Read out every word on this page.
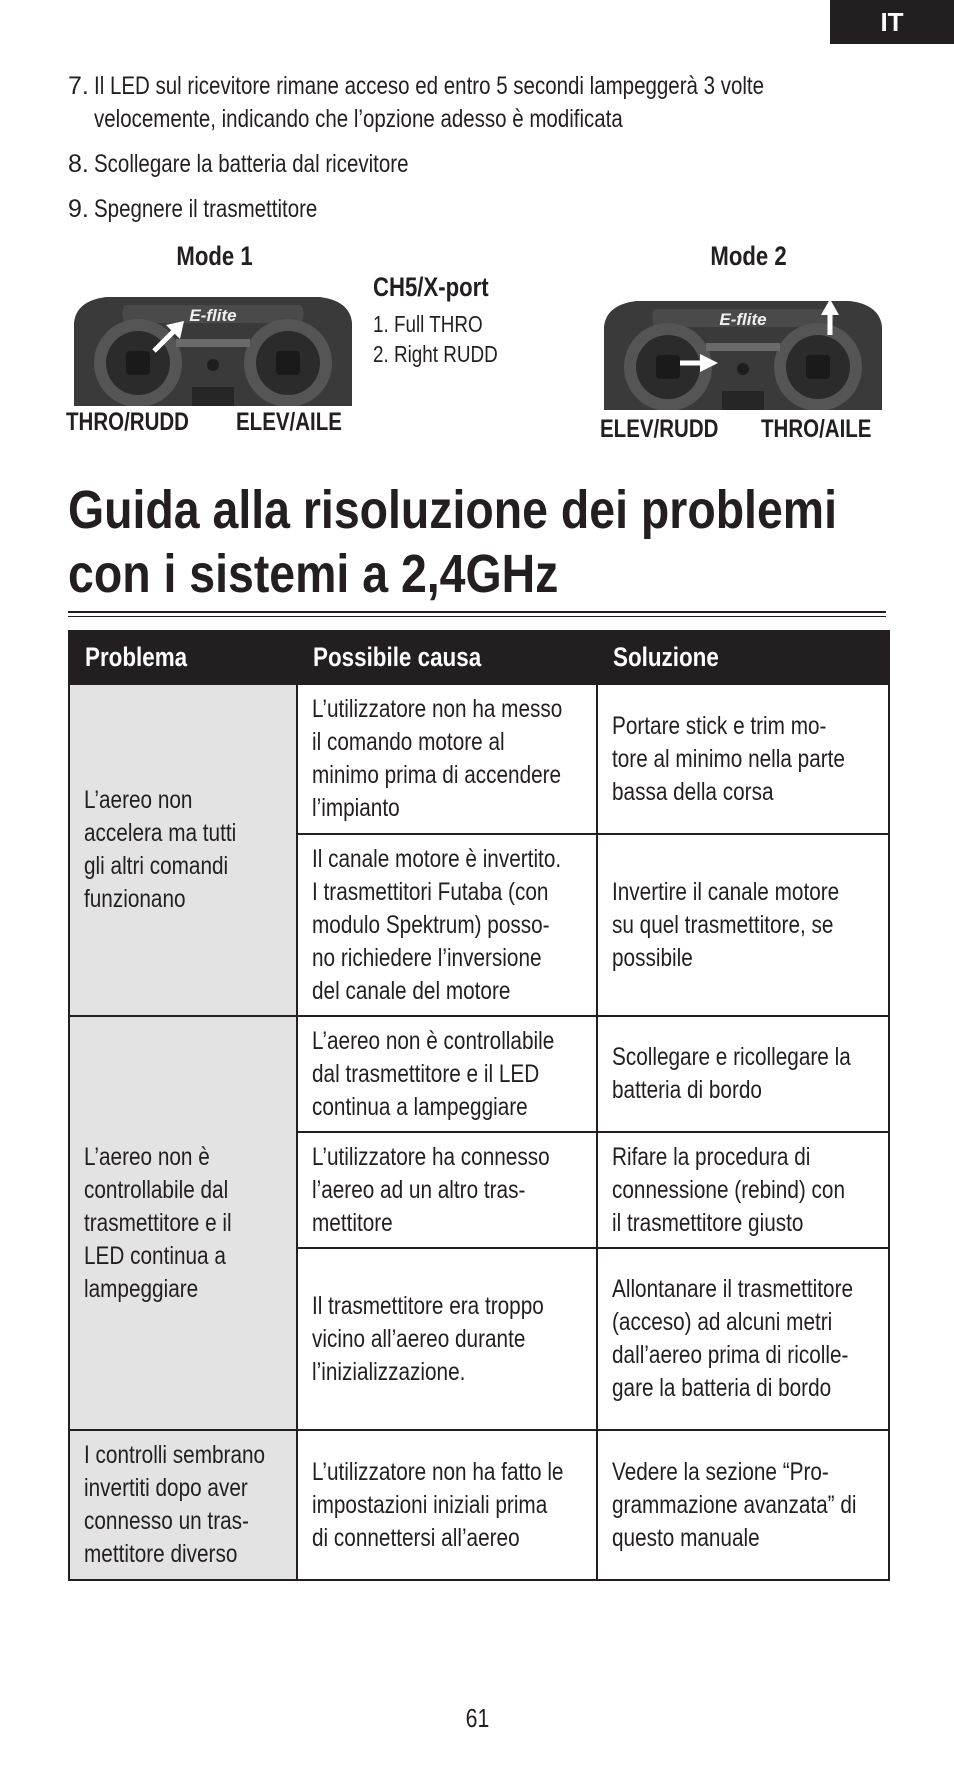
IT
7. Il LED sul ricevitore rimane acceso ed entro 5 secondi lampeggerà 3 volte
velocemente, indicando che l’opzione adesso è modificata
8. Scollegare la batteria dal ricevitore
9. Spegnere il trasmettitore
Mode 1
E-flite
THRO/RUDD	ELEV/AILE
CH5/X-port
1. Full THRO
2. Right RUDD
Mode 2
E-flite
ELEV/RUDD	THRO/AILE
Guida alla risoluzione dei problemi
con i sistemi a 2,4GHz
Problema	Possibile causa	Soluzione

L’aereo non
accelera ma tutti
gli altri comandi
funzionano	L’utilizzatore non ha messo
il comando motore al
minimo prima di accendere
l’impianto	Portare stick e trim mo-
tore al minimo nella parte
bassa della corsa

	Il canale motore è invertito.
I trasmettitori Futaba (con
modulo Spektrum) posso-
no richiedere l’inversione
del canale del motore	Invertire il canale motore
su quel trasmettitore, se
possibile

L’aereo non è
controllabile dal
trasmettitore e il
LED continua a
lampeggiare	L’aereo non è controllabile
dal trasmettitore e il LED
continua a lampeggiare	Scollegare e ricollegare la
batteria di bordo

	L’utilizzatore ha connesso
l’aereo ad un altro tras-
mettitore	Rifare la procedura di
connessione (rebind) con
il trasmettitore giusto

	Il trasmettitore era troppo
vicino all’aereo durante
l’inizializzazione.	Allontanare il trasmettitore
(acceso) ad alcuni metri
dall’aereo prima di ricolle-
gare la batteria di bordo

I controlli sembrano
invertiti dopo aver
connesso un tras-
mettitore diverso	L’utilizzatore non ha fatto le
impostazioni iniziali prima
di connettersi all’aereo	Vedere la sezione “Pro-
grammazione avanzata” di
questo manuale
61
